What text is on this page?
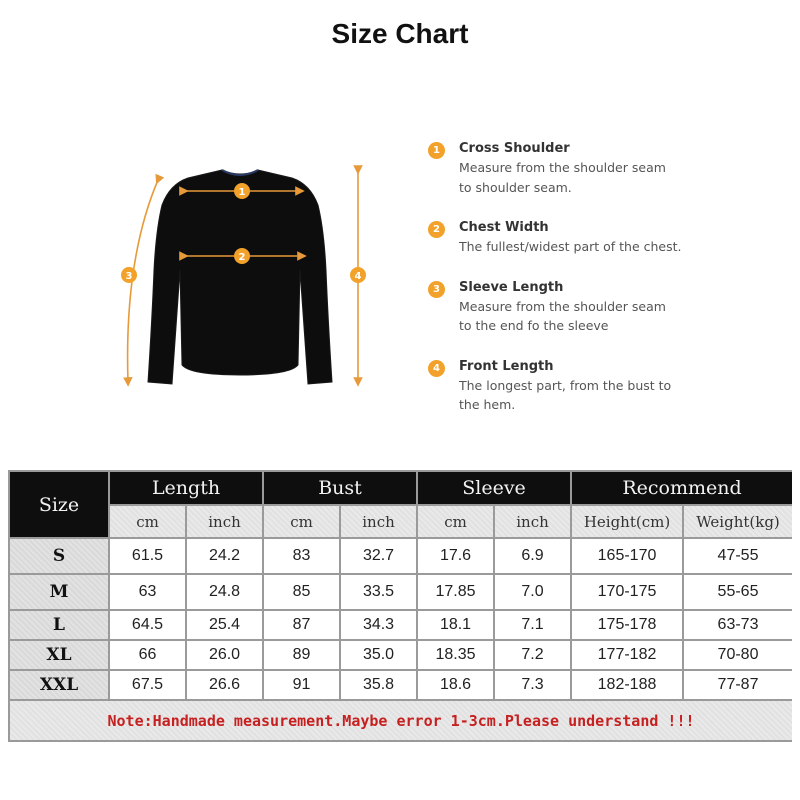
Size Chart
1
2
3	4
1	Cross Shoulder
Measure from the shoulder seam
to shoulder seam.
2	Chest Width
The fullest/widest part of the chest.
3	Sleeve Length
Measure from the shoulder seam
to the end fo the sleeve
4	Front Length
The longest part, from the bust to
the hem.
Size	Length		Bust		Sleeve		Recommend	
	cm	inch	cm	inch	cm	inch	Height(cm)	Weight(kg)
S	61.5	24.2	83	32.7	17.6	6.9	165-170	47-55
M	63	24.8	85	33.5	17.85	7.0	170-175	55-65
L	64.5	25.4	87	34.3	18.1	7.1	175-178	63-73
XL	66	26.0	89	35.0	18.35	7.2	177-182	70-80
XXL	67.5	26.6	91	35.8	18.6	7.3	182-188	77-87
Note:Handmade measurement.Maybe error 1-3cm.Please understand !!!								
